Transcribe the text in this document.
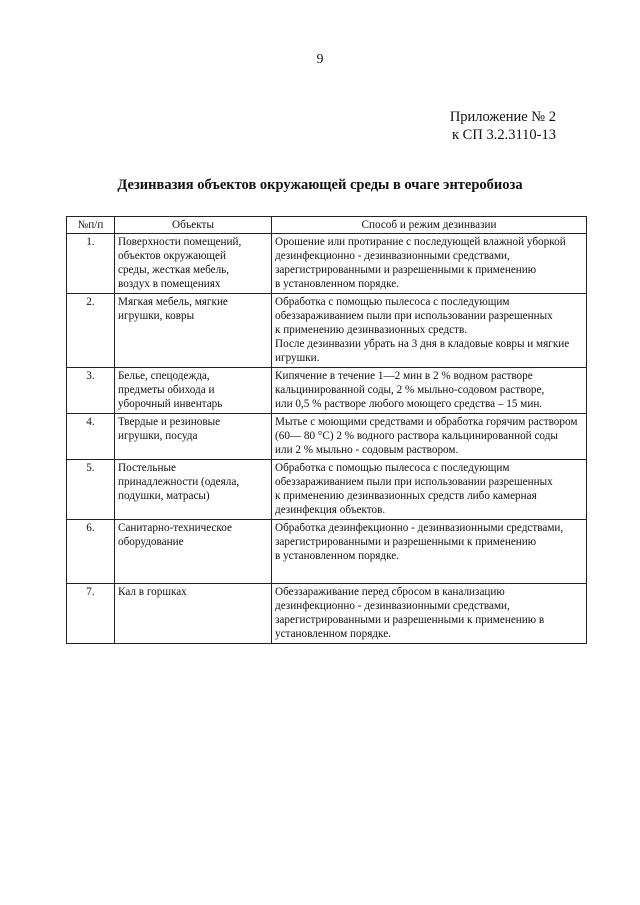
9
Приложение № 2
к СП 3.2.3110-13
Дезинвазия объектов окружающей среды в очаге энтеробиоза
№п/п	Объекты	Способ и режим дезинвазии
1.	Поверхности помещений,
объектов окружающей
среды, жесткая мебель,
воздух в помещениях	Орошение или протирание с последующей влажной уборкой
дезинфекционно - дезинвазионными средствами,
зарегистрированными и разрешенными к применению
в установленном порядке.
2.	Мягкая мебель, мягкие
игрушки, ковры	Обработка с помощью пылесоса с последующим
обеззараживанием пыли при использовании разрешенных
к применению дезинвазионных средств.
После дезинвазии убрать на 3 дня в кладовые ковры и мягкие
игрушки.
3.	Белье, спецодежда,
предметы обихода и
уборочный инвентарь	Кипячение в течение 1—2 мин в 2 % водном растворе
кальцинированной соды, 2 % мыльно-содовом растворе,
или 0,5 % растворе любого моющего средства – 15 мин.
4.	Твердые и резиновые
игрушки, посуда	Мытье с моющими средствами и обработка горячим раствором
(60— 80 °С) 2 % водного раствора кальцинированной соды
или 2 % мыльно - содовым раствором.
5.	Постельные
принадлежности (одеяла,
подушки, матрасы)	Обработка с помощью пылесоса с последующим
обеззараживанием пыли при использовании разрешенных
к применению дезинвазионных средств либо камерная
дезинфекция объектов.
6.	Санитарно-техническое
оборудование	Обработка дезинфекционно - дезинвазионными средствами,
зарегистрированными и разрешенными к применению
в установленном порядке.
7.	Кал в горшках	Обеззараживание перед сбросом в канализацию
дезинфекционно - дезинвазионными средствами,
зарегистрированными и разрешенными к применению в
установленном порядке.
